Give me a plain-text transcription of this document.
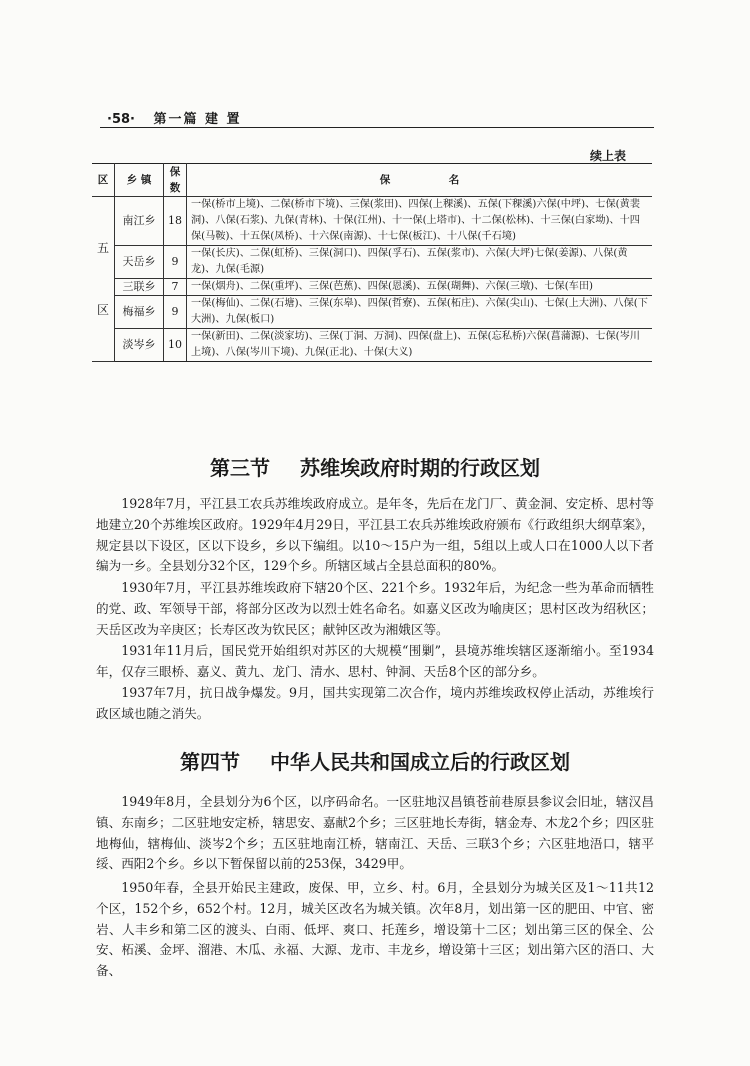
·58· 第一篇 建 置
续上表
区	乡 镇	保数	保                名

五
区	南江乡	18	一保(桥市上境)、二保(桥市下境)、三保(浆田)、四保(上稞溪)、五保(下稞溪)六保(中坪)、七保(黄裴洞)、八保(石浆)、九保(青林)、十保(江州)、十一保(上塔市)、十二保(松林)、十三保(白家坳)、十四保(马鞍)、十五保(凤桥)、十六保(南源)、十七保(板江)、十八保(千石境)
	天岳乡	9	一保(长庆)、二保(虹桥)、三保(洞口)、四保(孚石)、五保(浆市)、六保(大坪)七保(姜源)、八保(黄龙)、九保(毛源)
	三联乡	7	一保(烟舟)、二保(重坪)、三保(芭蕉)、四保(恩溪)、五保(瑚舞)、六保(三墩)、七保(车田)
	梅福乡	9	一保(梅仙)、二保(石塘)、三保(东皋)、四保(哲寮)、五保(柘庄)、六保(尖山)、七保(上大洲)、八保(下大洲)、九保(板口)
	淡岑乡	10	一保(新田)、二保(淡家坊)、三保(丁洞、万洞)、四保(盘上)、五保(忘私桥)六保(菖蒲源)、七保(岑川上境)、八保(岑川下境)、九保(正北)、十保(大义)
第三节 苏维埃政府时期的行政区划

1928年7月，平江县工农兵苏维埃政府成立。是年冬，先后在龙门厂、黄金洞、安定桥、思村等地建立20个苏维埃区政府。1929年4月29日，平江县工农兵苏维埃政府颁布《行政组织大纲草案》，规定县以下设区，区以下设乡，乡以下编组。以10～15户为一组，5组以上或人口在1000人以下者编为一乡。全县划分32个区，129个乡。所辖区域占全县总面积的80%。

1930年7月，平江县苏维埃政府下辖20个区、221个乡。1932年后，为纪念一些为革命而牺牲的党、政、军领导干部，将部分区改为以烈士姓名命名。如嘉义区改为喻庚区；思村区改为绍秋区；天岳区改为辛庚区；长寿区改为钦民区；献钟区改为湘娥区等。

1931年11月后，国民党开始组织对苏区的大规模“围剿”，县境苏维埃辖区逐渐缩小。至1934年，仅存三眼桥、嘉义、黄九、龙门、清水、思村、钟洞、天岳8个区的部分乡。

1937年7月，抗日战争爆发。9月，国共实现第二次合作，境内苏维埃政权停止活动，苏维埃行政区域也随之消失。

第四节 中华人民共和国成立后的行政区划

1949年8月，全县划分为6个区，以序码命名。一区驻地汉昌镇苍前巷原县参议会旧址，辖汉昌镇、东南乡；二区驻地安定桥，辖思安、嘉献2个乡；三区驻地长寿街，辖金寿、木龙2个乡；四区驻地梅仙，辖梅仙、淡岑2个乡；五区驻地南江桥，辖南江、天岳、三联3个乡；六区驻地浯口，辖平绥、西阳2个乡。乡以下暂保留以前的253保，3429甲。

1950年春，全县开始民主建政，废保、甲，立乡、村。6月，全县划分为城关区及1～11共12个区，152个乡，652个村。12月，城关区改名为城关镇。次年8月，划出第一区的肥田、中官、密岩、人丰乡和第二区的渡头、白雨、低坪、爽口、托莲乡，增设第十二区；划出第三区的保全、公安、柘溪、金坪、溜港、木瓜、永福、大源、龙市、丰龙乡，增设第十三区；划出第六区的浯口、大备、
